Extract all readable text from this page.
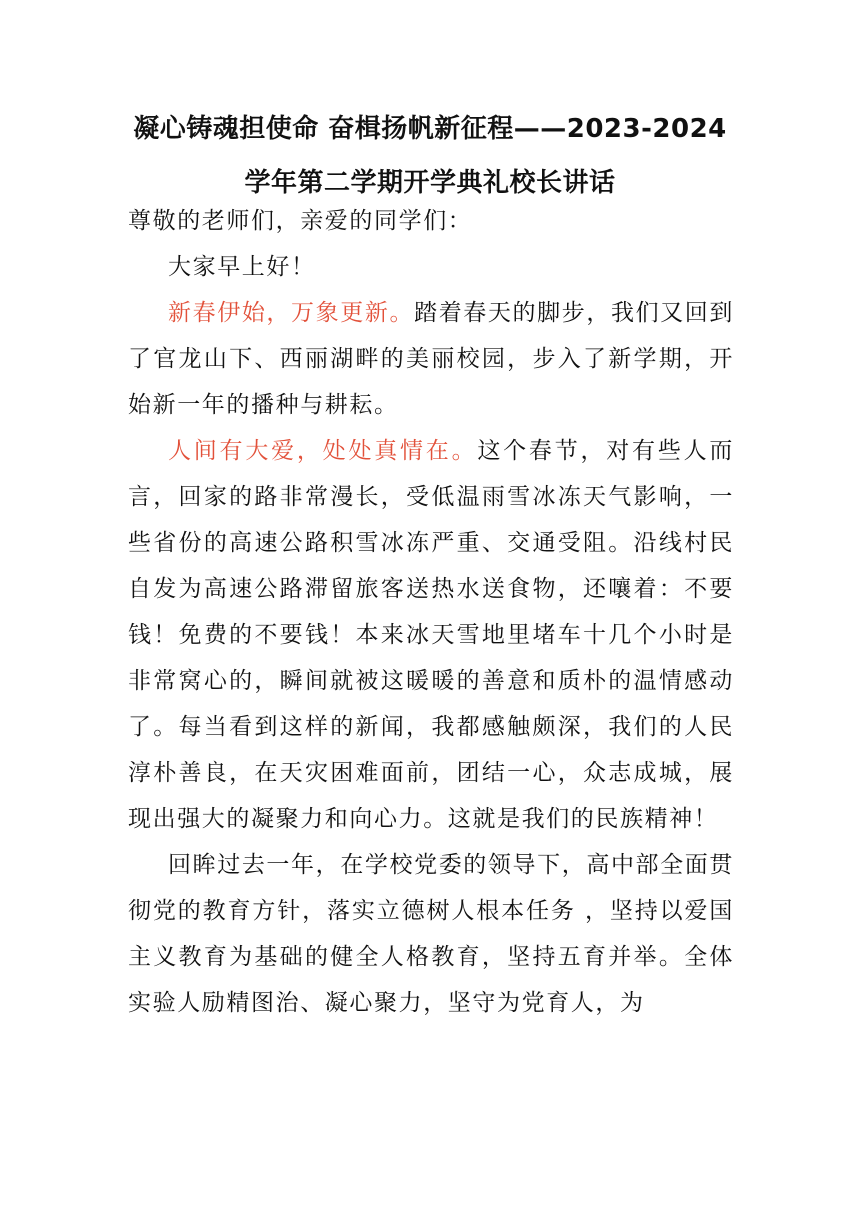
凝心铸魂担使命 奋楫扬帆新征程——2023-2024
学年第二学期开学典礼校长讲话

尊敬的老师们，亲爱的同学们：

大家早上好！

新春伊始，万象更新。踏着春天的脚步，我们又回到了官龙山下、西丽湖畔的美丽校园，步入了新学期，开始新一年的播种与耕耘。

人间有大爱，处处真情在。这个春节，对有些人而言，回家的路非常漫长，受低温雨雪冰冻天气影响，一些省份的高速公路积雪冰冻严重、交通受阻。沿线村民自发为高速公路滞留旅客送热水送食物，还嚷着：不要钱！免费的不要钱！本来冰天雪地里堵车十几个小时是非常窝心的，瞬间就被这暖暖的善意和质朴的温情感动了。每当看到这样的新闻，我都感触颇深，我们的人民淳朴善良，在天灾困难面前，团结一心，众志成城，展现出强大的凝聚力和向心力。这就是我们的民族精神！

回眸过去一年，在学校党委的领导下，高中部全面贯彻党的教育方针，落实立德树人根本任务 ，坚持以爱国主义教育为基础的健全人格教育，坚持五育并举。全体实验人励精图治、凝心聚力，坚守为党育人，为
